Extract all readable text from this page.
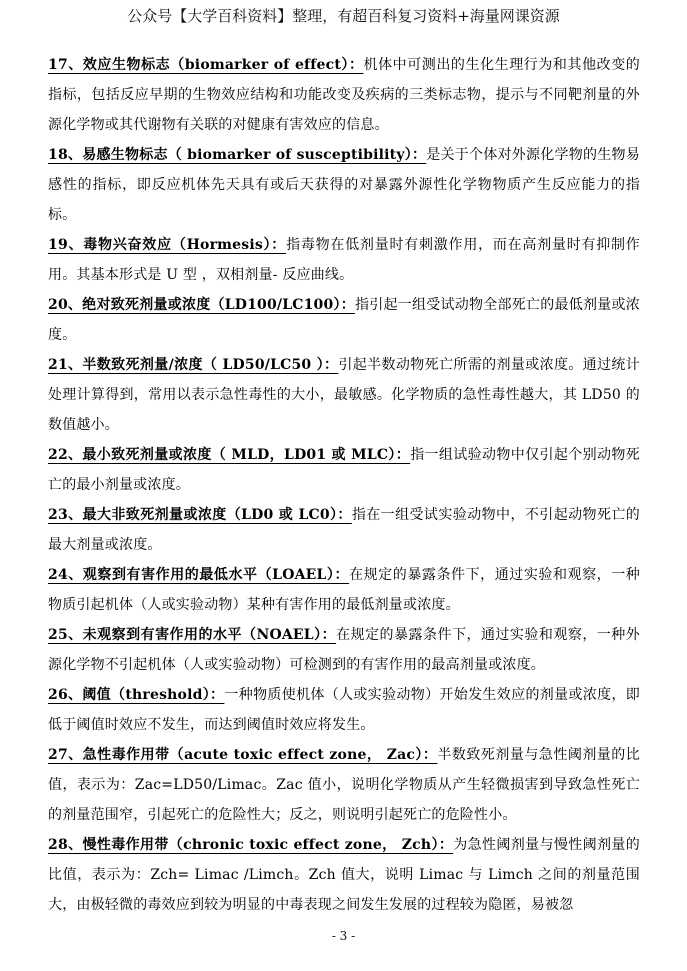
公众号【大学百科资料】整理，有超百科复习资料+海量网课资源
17、效应生物标志（biomarker of effect）：机体中可测出的生化生理行为和其他改变的指标，包括反应早期的生物效应结构和功能改变及疾病的三类标志物，提示与不同靶剂量的外源化学物或其代谢物有关联的对健康有害效应的信息。
18、易感生物标志（ biomarker of susceptibility）：是关于个体对外源化学物的生物易感性的指标，即反应机体先天具有或后天获得的对暴露外源性化学物物质产生反应能力的指标。
19、毒物兴奋效应（Hormesis）：指毒物在低剂量时有刺激作用，而在高剂量时有抑制作用。其基本形式是 U 型 ，双相剂量- 反应曲线。
20、绝对致死剂量或浓度（LD100/LC100）：指引起一组受试动物全部死亡的最低剂量或浓度。
21、半数致死剂量/浓度（ LD50/LC50 ）：引起半数动物死亡所需的剂量或浓度。通过统计处理计算得到，常用以表示急性毒性的大小，最敏感。化学物质的急性毒性越大，其 LD50 的数值越小。
22、最小致死剂量或浓度（ MLD，LD01 或 MLC）：指一组试验动物中仅引起个别动物死亡的最小剂量或浓度。
23、最大非致死剂量或浓度（LD0 或 LC0）：指在一组受试实验动物中，不引起动物死亡的最大剂量或浓度。
24、观察到有害作用的最低水平（LOAEL）：在规定的暴露条件下，通过实验和观察，一种物质引起机体（人或实验动物）某种有害作用的最低剂量或浓度。
25、未观察到有害作用的水平（NOAEL）：在规定的暴露条件下，通过实验和观察，一种外源化学物不引起机体（人或实验动物）可检测到的有害作用的最高剂量或浓度。
26、阈值（threshold）：一种物质使机体（人或实验动物）开始发生效应的剂量或浓度，即低于阈值时效应不发生，而达到阈值时效应将发生。
27、急性毒作用带（acute toxic effect zone， Zac）：半数致死剂量与急性阈剂量的比值，表示为：Zac=LD50/Limac。Zac 值小，说明化学物质从产生轻微损害到导致急性死亡的剂量范围窄，引起死亡的危险性大；反之，则说明引起死亡的危险性小。
28、慢性毒作用带（chronic toxic effect zone， Zch）：为急性阈剂量与慢性阈剂量的比值，表示为：Zch= Limac /Limch。Zch 值大，说明 Limac 与 Limch 之间的剂量范围大，由极轻微的毒效应到较为明显的中毒表现之间发生发展的过程较为隐匿，易被忽
- 3 -
